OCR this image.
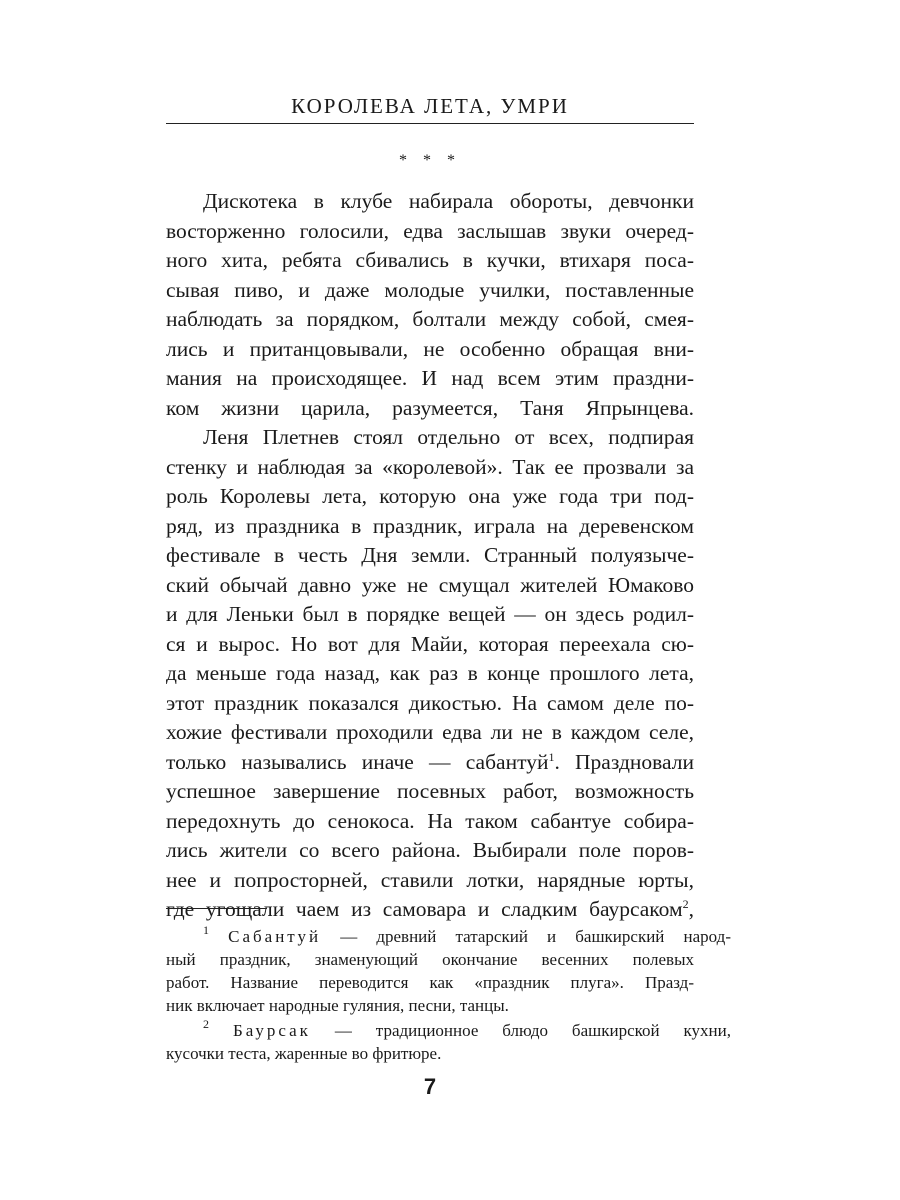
КОРОЛЕВА ЛЕТА, УМРИ
* * *
Дискотека в клубе набирала обороты, девчонки
восторженно голосили, едва заслышав звуки очеред-
ного хита, ребята сбивались в кучки, втихаря поса-
сывая пиво, и даже молодые училки, поставленные
наблюдать за порядком, болтали между собой, смея-
лись и пританцовывали, не особенно обращая вни-
мания на происходящее. И над всем этим праздни-
ком жизни царила, разумеется, Таня Япрынцева.
Леня Плетнев стоял отдельно от всех, подпирая
стенку и наблюдая за «королевой». Так ее прозвали за
роль Королевы лета, которую она уже года три под-
ряд, из праздника в праздник, играла на деревенском
фестивале в честь Дня земли. Странный полуязыче-
ский обычай давно уже не смущал жителей Юмаково
и для Леньки был в порядке вещей — он здесь родил-
ся и вырос. Но вот для Майи, которая переехала сю-
да меньше года назад, как раз в конце прошлого лета,
этот праздник показался дикостью. На самом деле по-
хожие фестивали проходили едва ли не в каждом селе,
только назывались иначе — сабантуй$^1$. Праздновали
успешное завершение посевных работ, возможность
передохнуть до сенокоса. На таком сабантуе собира-
лись жители со всего района. Выбирали поле поров-
нее и попросторней, ставили лотки, нарядные юрты,
где угощали чаем из самовара и сладким баурсаком$^2$,
$^1$ Сабантуй — древний татарский и башкирский народ-
ный праздник, знаменующий окончание весенних полевых
работ. Название переводится как «праздник плуга». Празд-
ник включает народные гуляния, песни, танцы.
$^2$ Баурсак — традиционное блюдо башкирской кухни,
кусочки теста, жаренные во фритюре.
7
